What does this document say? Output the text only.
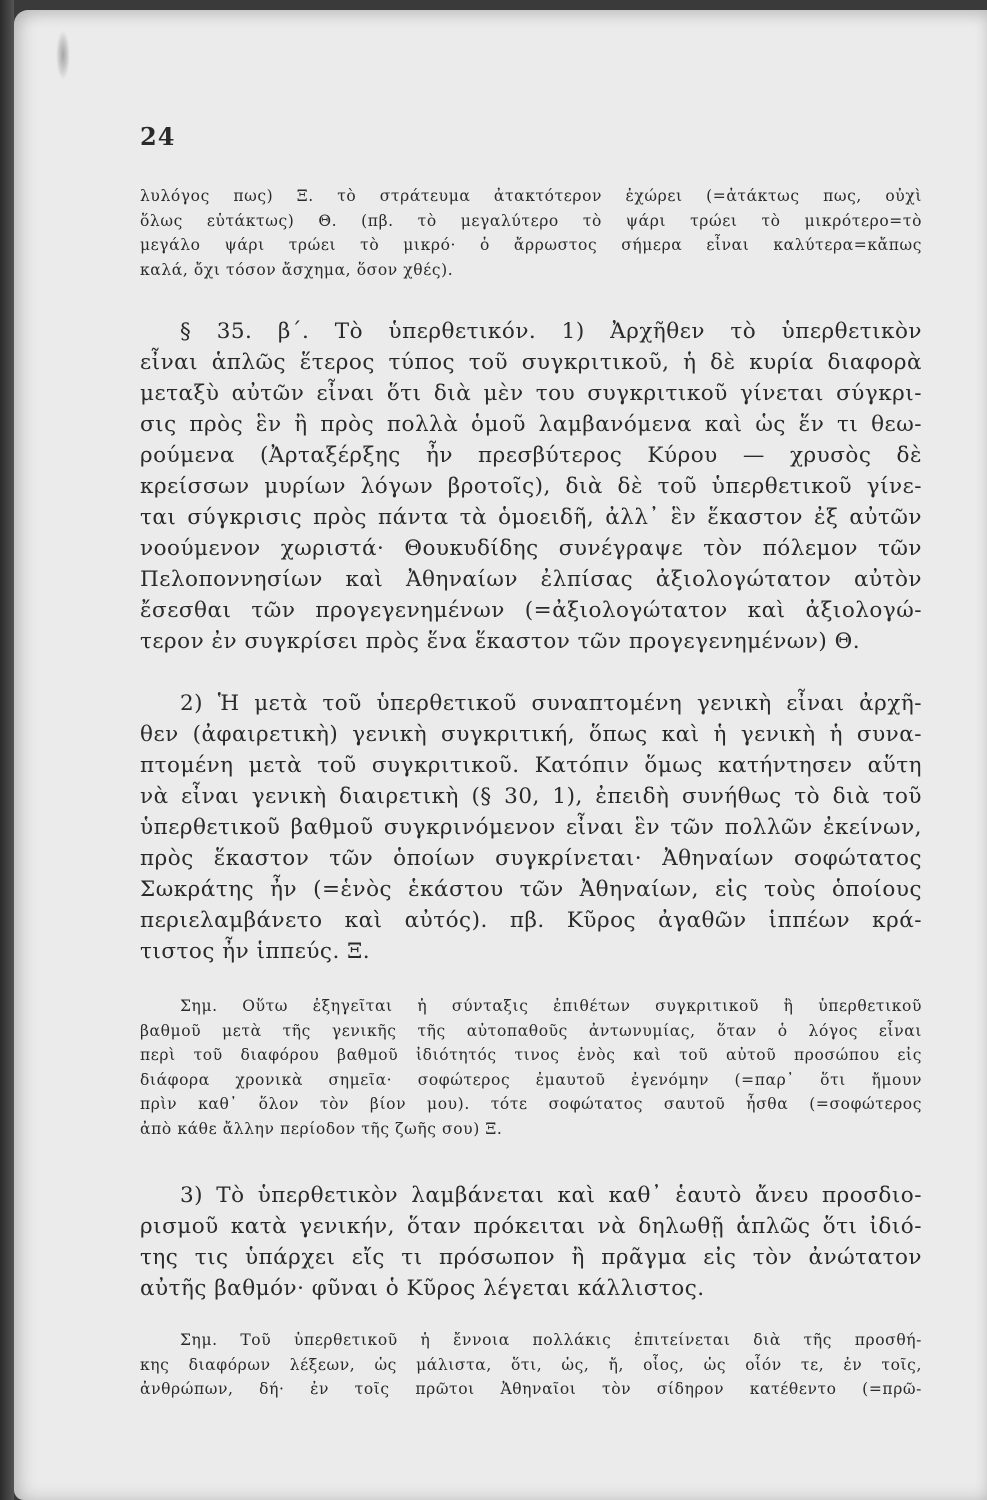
24
λυλόγος πως) Ξ. τὸ στράτευμα ἀτακτότερον ἐχώρει (=ἀτάκτως πως, οὐχὶ
ὅλως εὐτάκτως) Θ. (πβ. τὸ μεγαλύτερο τὸ ψάρι τρώει τὸ μικρότερο=τὸ
μεγάλο ψάρι τρώει τὸ μικρό· ὁ ἄρρωστος σήμερα εἶναι καλύτερα=κἄπως
καλά, ὄχι τόσον ἄσχημα, ὅσον χθές).
§ 35. β΄. Τὸ ὑπερθετικόν. 1) Ἀρχῆθεν τὸ ὑπερθετικὸν
εἶναι ἁπλῶς ἕτερος τύπος τοῦ συγκριτικοῦ, ἡ δὲ κυρία διαφορὰ
μεταξὺ αὐτῶν εἶναι ὅτι διὰ μὲν του συγκριτικοῦ γίνεται σύγκρι-
σις πρὸς ἓν ἢ πρὸς πολλὰ ὁμοῦ λαμβανόμενα καὶ ὡς ἕν τι θεω-
ρούμενα (Ἀρταξέρξης ἦν πρεσβύτερος Κύρου — χρυσὸς δὲ
κρείσσων μυρίων λόγων βροτοῖς), διὰ δὲ τοῦ ὑπερθετικοῦ γίνε-
ται σύγκρισις πρὸς πάντα τὰ ὁμοειδῆ, ἀλλ᾽ ἓν ἕκαστον ἐξ αὐτῶν
νοούμενον χωριστά· Θουκυδίδης συνέγραψε τὸν πόλεμον τῶν
Πελοποννησίων καὶ Ἀθηναίων ἐλπίσας ἀξιολογώτατον αὐτὸν
ἔσεσθαι τῶν προγεγενημένων (=ἀξιολογώτατον καὶ ἀξιολογώ-
τερον ἐν συγκρίσει πρὸς ἕνα ἕκαστον τῶν προγεγενημένων) Θ.
2) Ἡ μετὰ τοῦ ὑπερθετικοῦ συναπτομένη γενικὴ εἶναι ἀρχῆ-
θεν (ἀφαιρετικὴ) γενικὴ συγκριτική, ὅπως καὶ ἡ γενικὴ ἡ συνα-
πτομένη μετὰ τοῦ συγκριτικοῦ. Κατόπιν ὅμως κατήντησεν αὕτη
νὰ εἶναι γενικὴ διαιρετικὴ (§ 30, 1), ἐπειδὴ συνήθως τὸ διὰ τοῦ
ὑπερθετικοῦ βαθμοῦ συγκρινόμενον εἶναι ἓν τῶν πολλῶν ἐκείνων,
πρὸς ἕκαστον τῶν ὁποίων συγκρίνεται· Ἀθηναίων σοφώτατος
Σωκράτης ἦν (=ἑνὸς ἑκάστου τῶν Ἀθηναίων, εἰς τοὺς ὁποίους
περιελαμβάνετο καὶ αὐτός). πβ. Κῦρος ἀγαθῶν ἱππέων κρά-
τιστος ἦν ἱππεύς. Ξ.
Σημ. Οὕτω ἐξηγεῖται ἡ σύνταξις ἐπιθέτων συγκριτικοῦ ἢ ὑπερθετικοῦ
βαθμοῦ μετὰ τῆς γενικῆς τῆς αὐτοπαθοῦς ἀντωνυμίας, ὅταν ὁ λόγος εἶναι
περὶ τοῦ διαφόρου βαθμοῦ ἰδιότητός τινος ἑνὸς καὶ τοῦ αὐτοῦ προσώπου εἰς
διάφορα χρονικὰ σημεῖα· σοφώτερος ἐμαυτοῦ ἐγενόμην (=παρ᾽ ὅτι ἤμουν
πρὶν καθ᾽ ὅλον τὸν βίον μου). τότε σοφώτατος σαυτοῦ ἦσθα (=σοφώτερος
ἀπὸ κάθε ἄλλην περίοδον τῆς ζωῆς σου) Ξ.
3) Τὸ ὑπερθετικὸν λαμβάνεται καὶ καθ᾽ ἑαυτὸ ἄνευ προσδιο-
ρισμοῦ κατὰ γενικήν, ὅταν πρόκειται νὰ δηλωθῇ ἁπλῶς ὅτι ἰδιό-
της τις ὑπάρχει εἴς τι πρόσωπον ἢ πρᾶγμα εἰς τὸν ἀνώτατον
αὐτῆς βαθμόν· φῦναι ὁ Κῦρος λέγεται κάλλιστος.
Σημ. Τοῦ ὑπερθετικοῦ ἡ ἔννοια πολλάκις ἐπιτείνεται διὰ τῆς προσθή-
κης διαφόρων λέξεων, ὡς μάλιστα, ὅτι, ὡς, ἤ, οἷος, ὡς οἷόν τε, ἐν τοῖς,
ἀνθρώπων, δή· ἐν τοῖς πρῶτοι Ἀθηναῖοι τὸν σίδηρον κατέθεντο (=πρῶ-
